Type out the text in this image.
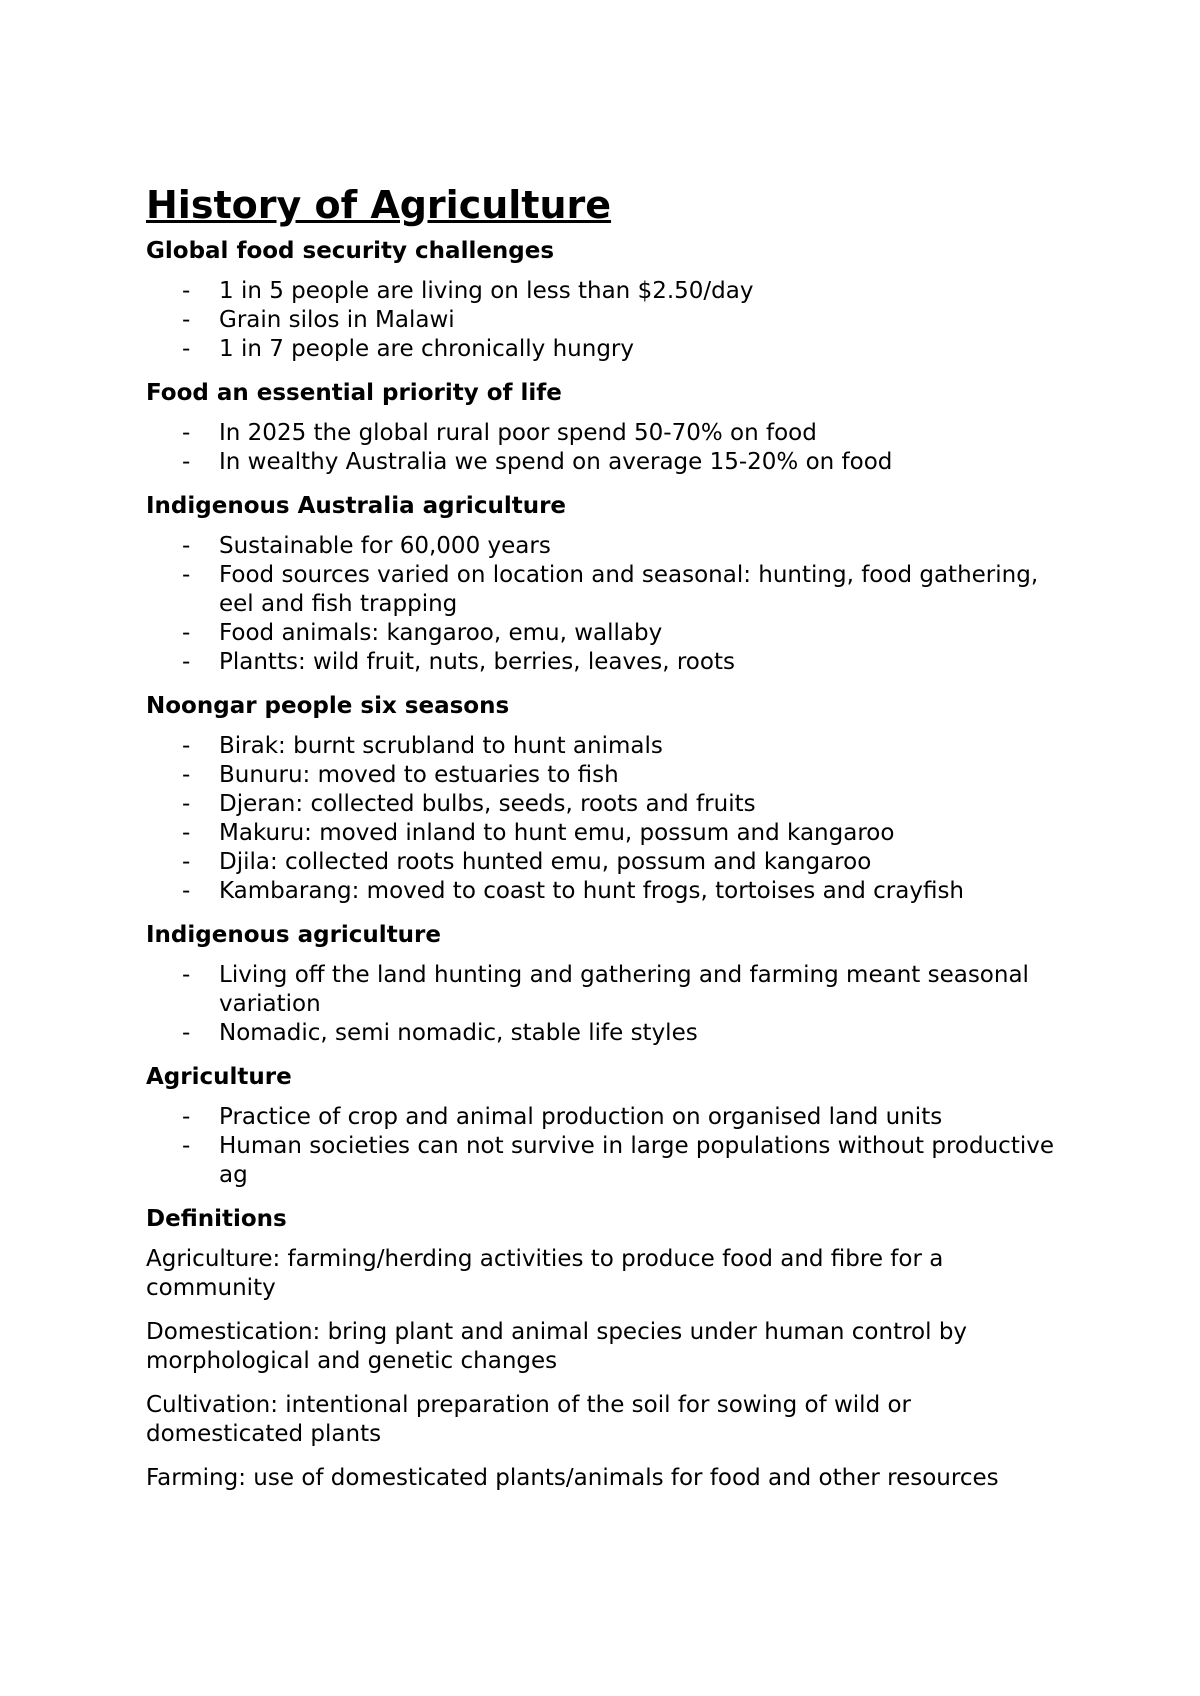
History of Agriculture
Global food security challenges
- 1 in 5 people are living on less than $2.50/day
- Grain silos in Malawi
- 1 in 7 people are chronically hungry
Food an essential priority of life
- In 2025 the global rural poor spend 50-70% on food
- In wealthy Australia we spend on average 15-20% on food
Indigenous Australia agriculture
- Sustainable for 60,000 years
- Food sources varied on location and seasonal: hunting, food gathering, eel and fish trapping
- Food animals: kangaroo, emu, wallaby
- Plantts: wild fruit, nuts, berries, leaves, roots
Noongar people six seasons
- Birak: burnt scrubland to hunt animals
- Bunuru: moved to estuaries to fish
- Djeran: collected bulbs, seeds, roots and fruits
- Makuru: moved inland to hunt emu, possum and kangaroo
- Djila: collected roots hunted emu, possum and kangaroo
- Kambarang: moved to coast to hunt frogs, tortoises and crayfish
Indigenous agriculture
- Living off the land hunting and gathering and farming meant seasonal variation
- Nomadic, semi nomadic, stable life styles
Agriculture
- Practice of crop and animal production on organised land units
- Human societies can not survive in large populations without productive ag
Definitions

Agriculture: farming/herding activities to produce food and fibre for a community

Domestication: bring plant and animal species under human control by morphological and genetic changes

Cultivation: intentional preparation of the soil for sowing of wild or domesticated plants

Farming: use of domesticated plants/animals for food and other resources
